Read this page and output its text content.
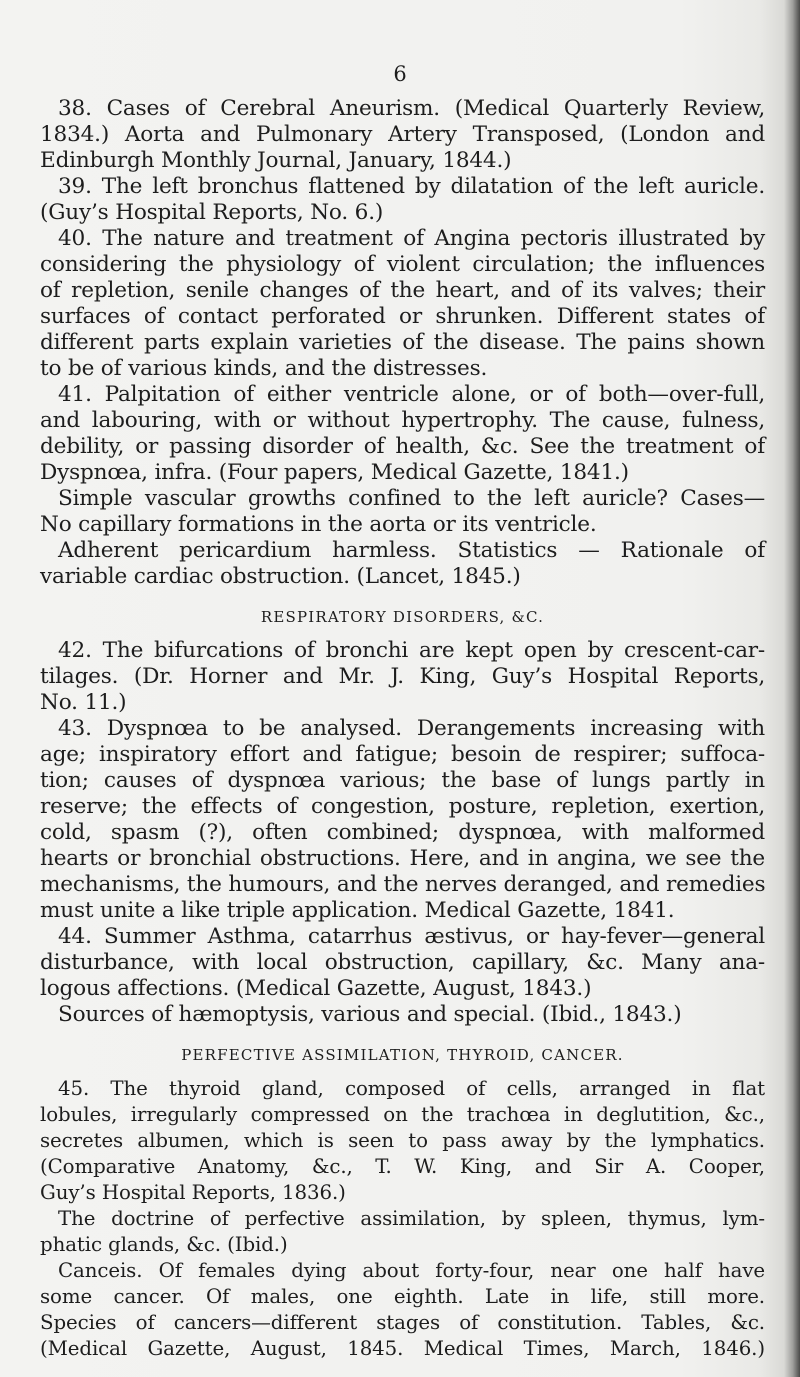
6
38. Cases of Cerebral Aneurism. (Medical Quarterly Review,
1834.) Aorta and Pulmonary Artery Transposed, (London and
Edinburgh Monthly Journal, January, 1844.)
39. The left bronchus flattened by dilatation of the left auricle.
(Guy’s Hospital Reports, No. 6.)
40. The nature and treatment of Angina pectoris illustrated by
considering the physiology of violent circulation; the influences
of repletion, senile changes of the heart, and of its valves; their
surfaces of contact perforated or shrunken. Different states of
different parts explain varieties of the disease. The pains shown
to be of various kinds, and the distresses.
41. Palpitation of either ventricle alone, or of both—over-full,
and labouring, with or without hypertrophy. The cause, fulness,
debility, or passing disorder of health, &c. See the treatment of
Dyspnœa, infra. (Four papers, Medical Gazette, 1841.)
Simple vascular growths confined to the left auricle? Cases—
No capillary formations in the aorta or its ventricle.
Adherent pericardium harmless. Statistics — Rationale of
variable cardiac obstruction. (Lancet, 1845.)
RESPIRATORY DISORDERS, &C.
42. The bifurcations of bronchi are kept open by crescent-car-
tilages. (Dr. Horner and Mr. J. King, Guy’s Hospital Reports,
No. 11.)
43. Dyspnœa to be analysed. Derangements increasing with
age; inspiratory effort and fatigue; besoin de respirer; suffoca-
tion; causes of dyspnœa various; the base of lungs partly in
reserve; the effects of congestion, posture, repletion, exertion,
cold, spasm (?), often combined; dyspnœa, with malformed
hearts or bronchial obstructions. Here, and in angina, we see the
mechanisms, the humours, and the nerves deranged, and remedies
must unite a like triple application. Medical Gazette, 1841.
44. Summer Asthma, catarrhus æstivus, or hay-fever—general
disturbance, with local obstruction, capillary, &c. Many ana-
logous affections. (Medical Gazette, August, 1843.)
Sources of hæmoptysis, various and special. (Ibid., 1843.)
PERFECTIVE ASSIMILATION, THYROID, CANCER.
45. The thyroid gland, composed of cells, arranged in flat
lobules, irregularly compressed on the trachœa in deglutition, &c.,
secretes albumen, which is seen to pass away by the lymphatics.
(Comparative Anatomy, &c., T. W. King, and Sir A. Cooper,
Guy’s Hospital Reports, 1836.)
The doctrine of perfective assimilation, by spleen, thymus, lym-
phatic glands, &c. (Ibid.)
Canceis. Of females dying about forty-four, near one half have
some cancer. Of males, one eighth. Late in life, still more.
Species of cancers—different stages of constitution. Tables, &c.
(Medical Gazette, August, 1845. Medical Times, March, 1846.)
